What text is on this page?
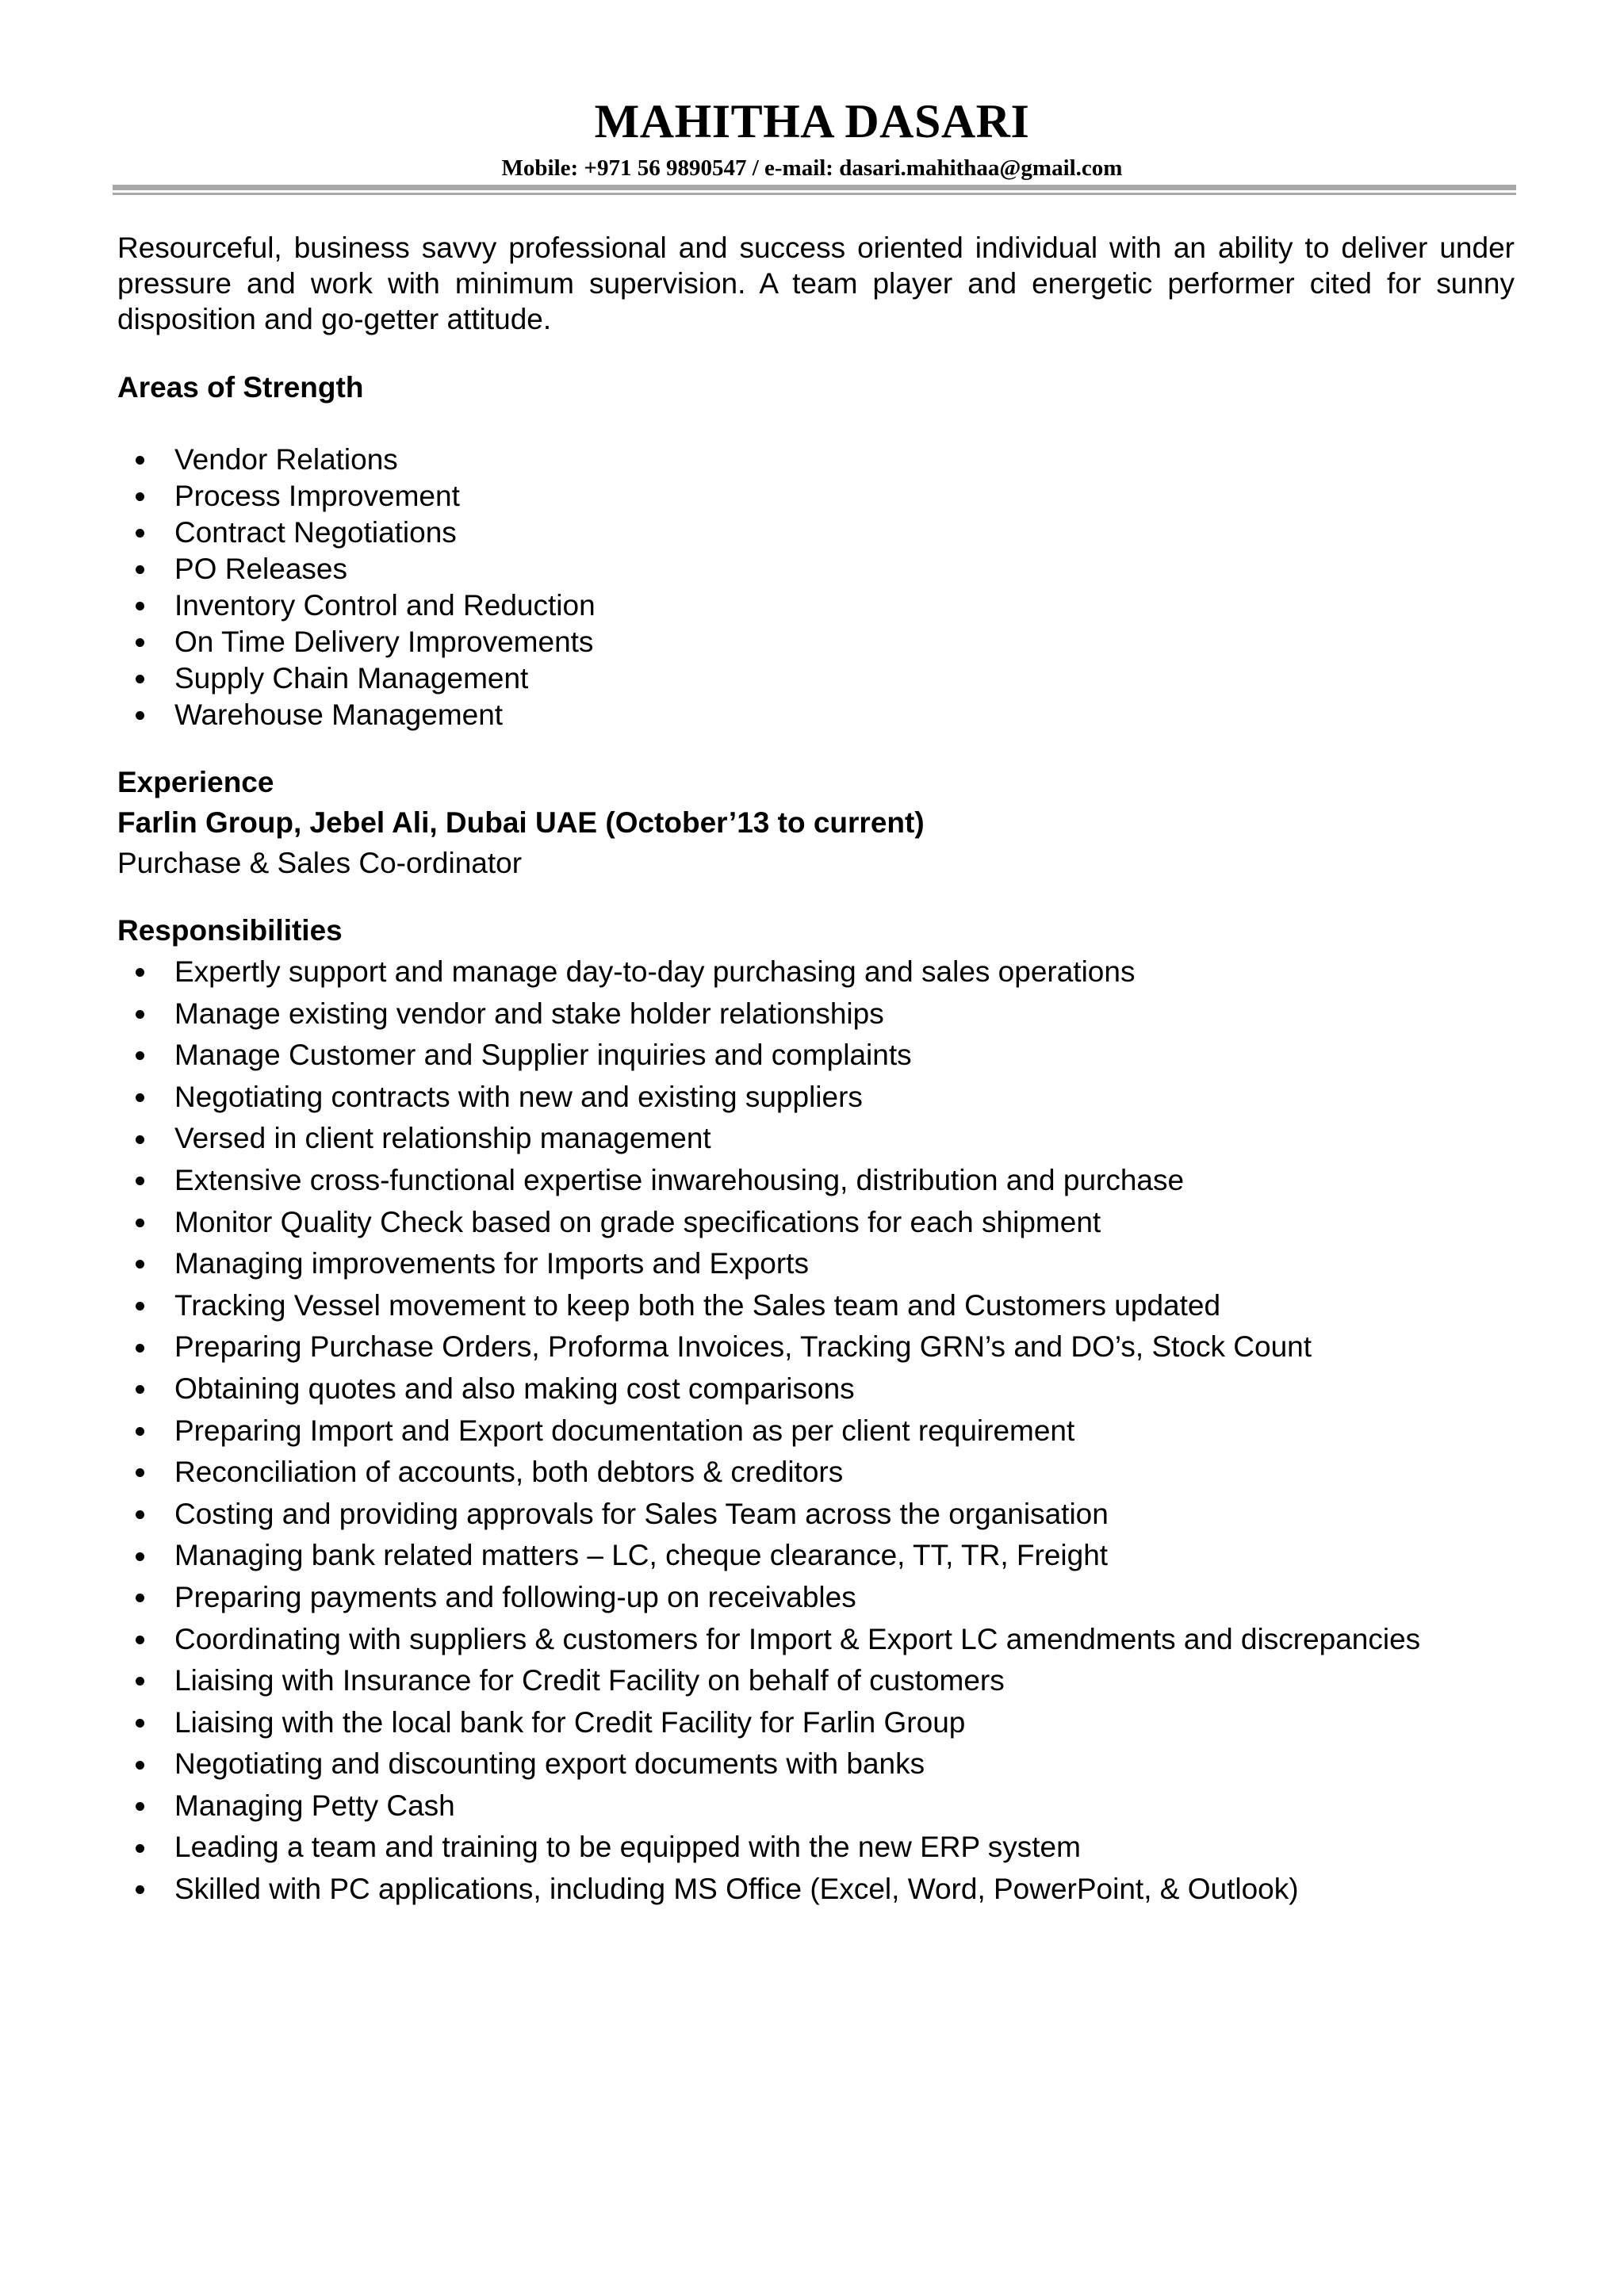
MAHITHA DASARI
Mobile: +971 56 9890547 / e-mail: dasari.mahithaa@gmail.com
Resourceful, business savvy professional and success oriented individual with an ability to deliver under pressure and work with minimum supervision. A team player and energetic performer cited for sunny disposition and go-getter attitude.
Areas of Strength
Vendor Relations
Process Improvement
Contract Negotiations
PO Releases
Inventory Control and Reduction
On Time Delivery Improvements
Supply Chain Management
Warehouse Management
Experience
Farlin Group, Jebel Ali, Dubai UAE (October’13 to current)
Purchase & Sales Co-ordinator
Responsibilities
Expertly support and manage day-to-day purchasing and sales operations
Manage existing vendor and stake holder relationships
Manage Customer and Supplier inquiries and complaints
Negotiating contracts with new and existing suppliers
Versed in client relationship management
Extensive cross-functional expertise inwarehousing, distribution and purchase
Monitor Quality Check based on grade specifications for each shipment
Managing improvements for Imports and Exports
Tracking Vessel movement to keep both the Sales team and Customers updated
Preparing Purchase Orders, Proforma Invoices, Tracking GRN’s and DO’s, Stock Count
Obtaining quotes and also making cost comparisons
Preparing Import and Export documentation as per client requirement
Reconciliation of accounts, both debtors & creditors
Costing and providing approvals for Sales Team across the organisation
Managing bank related matters – LC, cheque clearance, TT, TR, Freight
Preparing payments and following-up on receivables
Coordinating with suppliers & customers for Import & Export LC amendments and discrepancies
Liaising with Insurance for Credit Facility on behalf of customers
Liaising with the local bank for Credit Facility for Farlin Group
Negotiating and discounting export documents with banks
Managing Petty Cash
Leading a team and training to be equipped with the new ERP system
Skilled with PC applications, including MS Office (Excel, Word, PowerPoint, & Outlook)
